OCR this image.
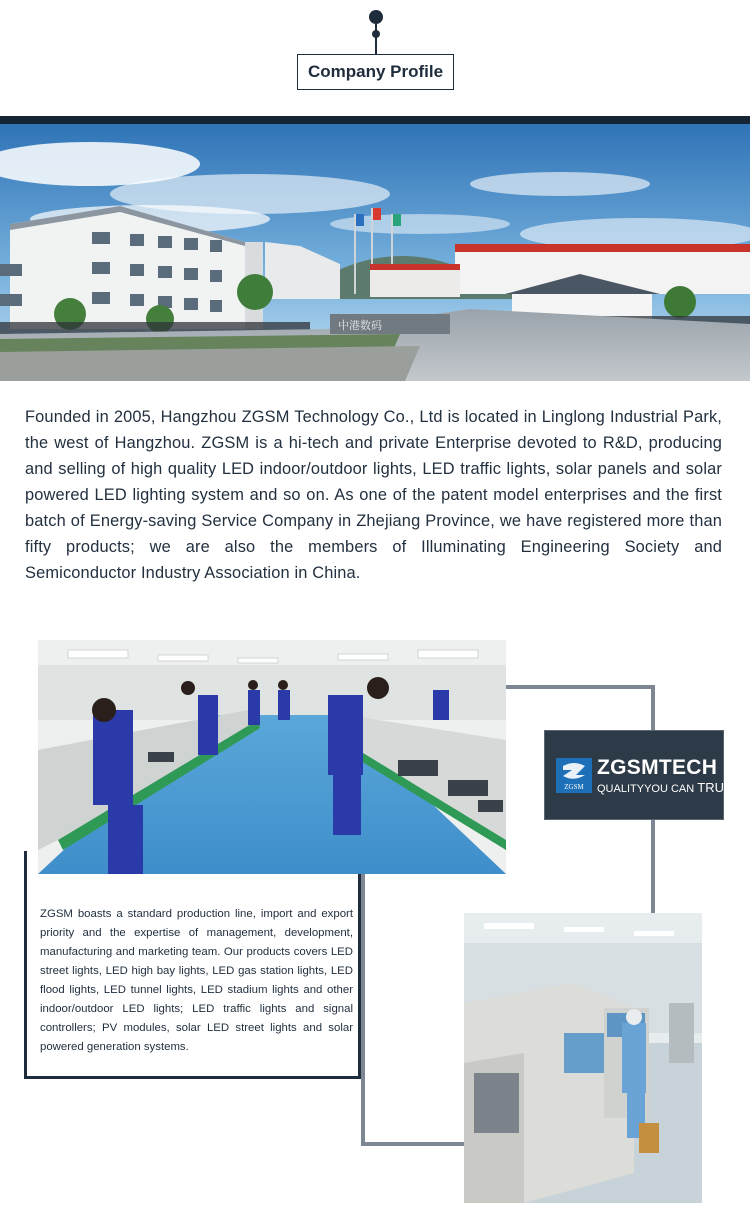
Company Profile
中港数码
Founded in 2005, Hangzhou ZGSM Technology Co., Ltd is located in Linglong Industrial Park, the west of Hangzhou. ZGSM is a hi-tech and private Enterprise devoted to R&D, producing and selling of high quality LED indoor/outdoor lights, LED traffic lights, solar panels and solar powered LED lighting system and so on. As one of the patent model enterprises and the first batch of Energy-saving Service Company in Zhejiang Province, we have registered more than fifty products; we are also the members of Illuminating Engineering Society and Semiconductor Industry Association in China.
ZGSM boasts a standard production line, import and export priority and the expertise of management, development, manufacturing and marketing team. Our products covers LED street lights, LED high bay lights, LED gas station lights, LED flood lights, LED tunnel lights, LED stadium lights and other indoor/outdoor LED lights; LED traffic lights and signal controllers; PV modules, solar LED street lights and solar powered generation systems.
ZGSM
ZGSMTECH
QUALITYYOU CAN TRUST
